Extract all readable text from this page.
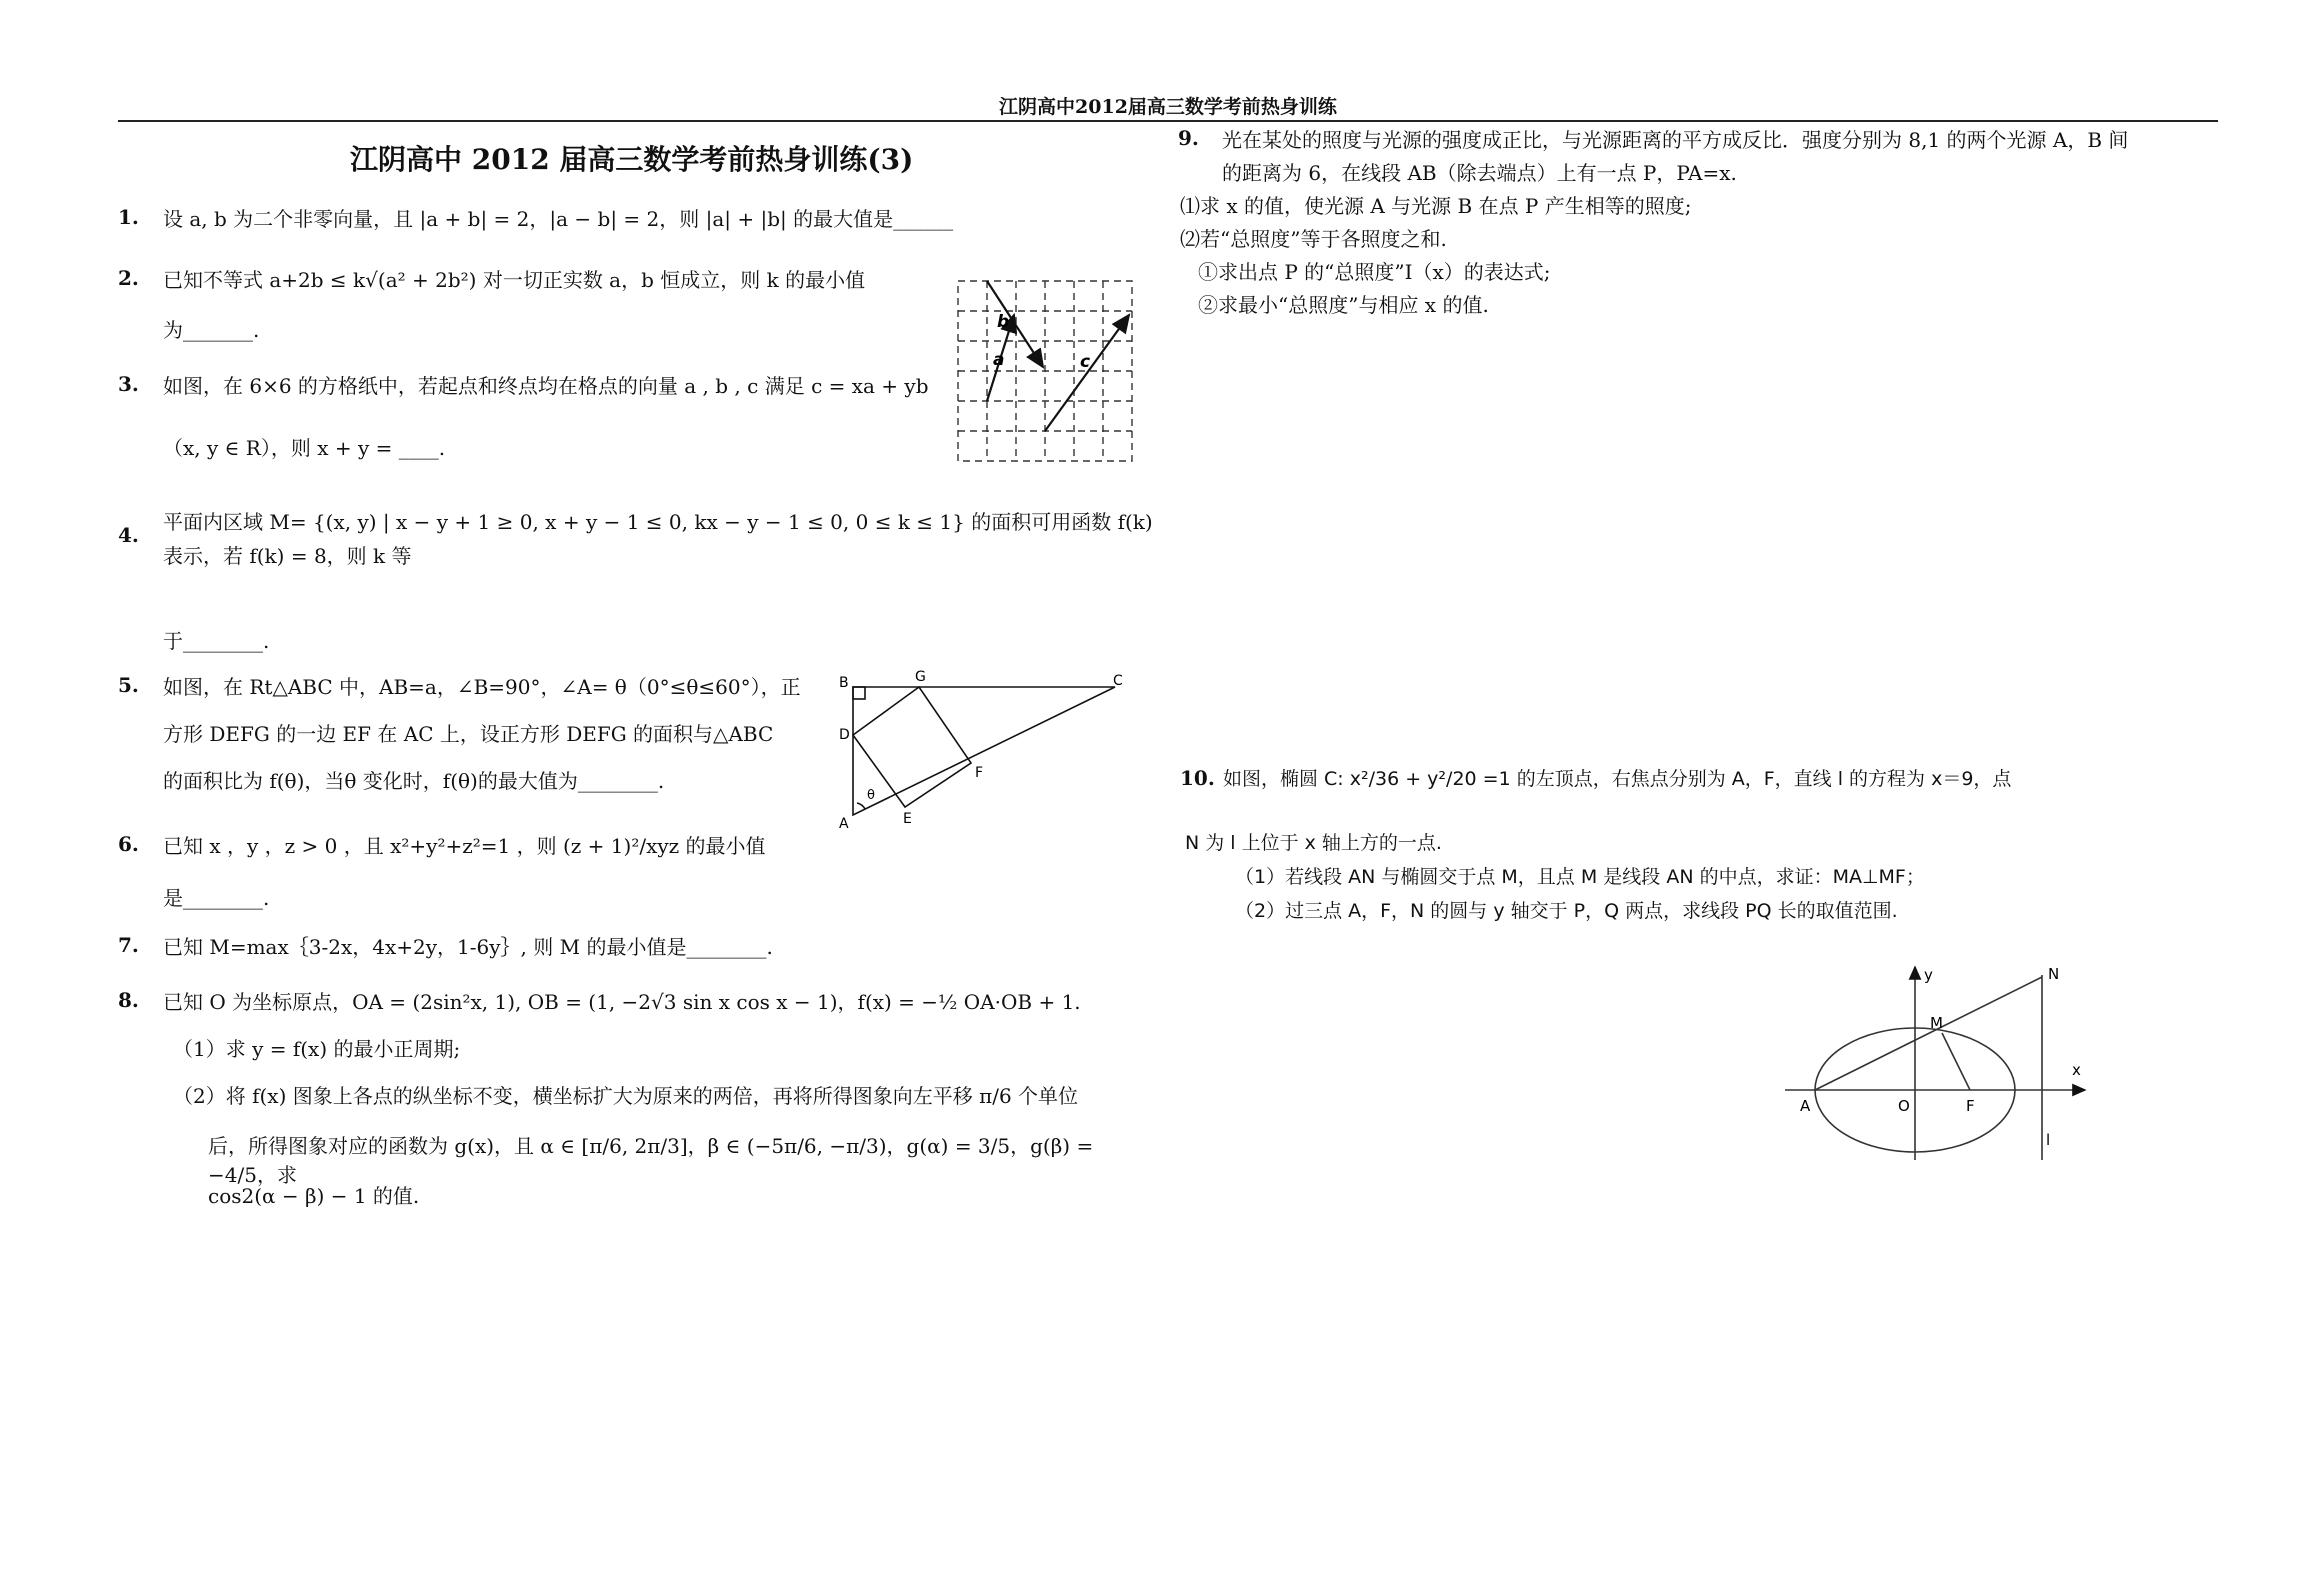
江阴高中2012届高三数学考前热身训练
江阴高中 2012 届高三数学考前热身训练(3)
1. 设 a, b 为二个非零向量，且 |a + b| = 2，|a − b| = 2，则 |a| + |b| 的最大值是______
2. 已知不等式 a+2b ≤ k√(a² + 2b²) 对一切正实数 a，b 恒成立，则 k 的最小值
为_______.
3. 如图，在 6×6 的方格纸中，若起点和终点均在格点的向量 a , b , c 满足 c = xa + yb
（x, y ∈ R），则 x + y = ____.
4.
平面内区域 M= {(x, y) | x − y + 1 ≥ 0, x + y − 1 ≤ 0, kx − y − 1 ≤ 0, 0 ≤ k ≤ 1} 的面积可用函数 f(k) 表示，若 f(k) = 8，则 k 等
于________.
5. 如图，在 Rt△ABC 中，AB=a，∠B=90°，∠A= θ（0°≤θ≤60°），正
方形 DEFG 的一边 EF 在 AC 上，设正方形 DEFG 的面积与△ABC
的面积比为 f(θ)，当θ 变化时，f(θ)的最大值为________.
6. 已知 x ，y ，z > 0 ，且 x²+y²+z²=1 ，则 (z + 1)²/xyz 的最小值
是________.
7. 已知 M=max｛3-2x，4x+2y，1-6y｝, 则 M 的最小值是________.
8. 已知 O 为坐标原点，OA = (2sin²x, 1), OB = (1, −2√3 sin x cos x − 1)，f(x) = −½ OA·OB + 1.
（1）求 y = f(x) 的最小正周期;
（2）将 f(x) 图象上各点的纵坐标不变，横坐标扩大为原来的两倍，再将所得图象向左平移 π/6 个单位
后，所得图象对应的函数为 g(x)，且 α ∈ [π/6, 2π/3]，β ∈ (−5π/6, −π/3)，g(α) = 3/5，g(β) = −4/5，求
cos2(α − β) − 1 的值.
a
b
c
B	C
A
D
G
F
E
θ
9. 光在某处的照度与光源的强度成正比，与光源距离的平方成反比．强度分别为 8,1 的两个光源 A，B 间
的距离为 6，在线段 AB（除去端点）上有一点 P，PA=x.
⑴求 x 的值，使光源 A 与光源 B 在点 P 产生相等的照度;
⑵若“总照度”等于各照度之和.
①求出点 P 的“总照度”I（x）的表达式;
②求最小“总照度”与相应 x 的值.
10. 如图，椭圆 C: x²/36 + y²/20 =1 的左顶点，右焦点分别为 A，F，直线 l 的方程为 x＝9，点
N 为 l 上位于 x 轴上方的一点.
（1）若线段 AN 与椭圆交于点 M，且点 M 是线段 AN 的中点，求证：MA⊥MF；
（2）过三点 A，F，N 的圆与 y 轴交于 P，Q 两点，求线段 PQ 长的取值范围.
A	O	F
M
N
x
y
l
